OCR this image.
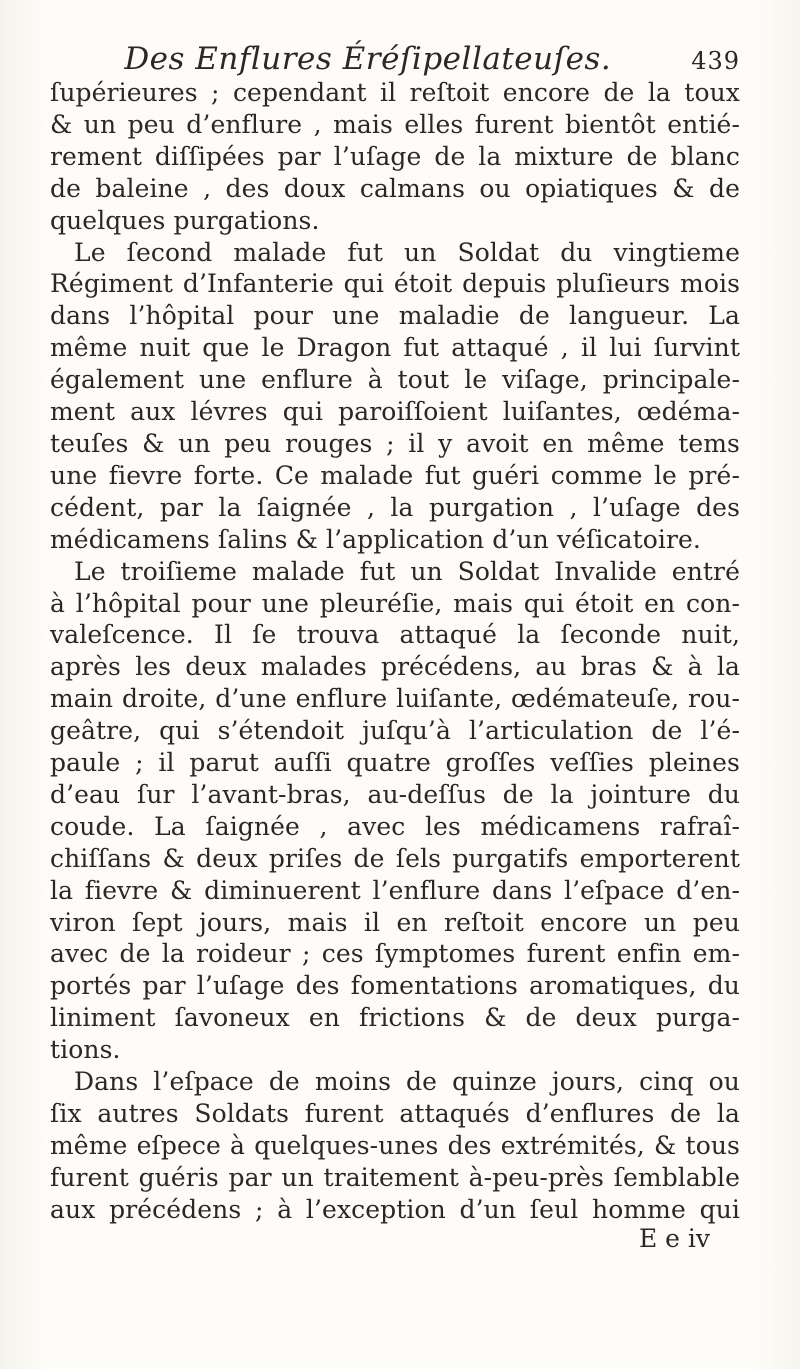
Des Enflures Éréſipellateuſes.	439
ſupérieures ; cependant il reſtoit encore de la toux
& un peu d’enflure , mais elles furent bientôt entié-
rement diſſipées par l’uſage de la mixture de blanc
de baleine , des doux calmans ou opiatiques & de
quelques purgations.
Le ſecond malade fut un Soldat du vingtieme
Régiment d’Infanterie qui étoit depuis pluſieurs mois
dans l’hôpital pour une maladie de langueur. La
même nuit que le Dragon fut attaqué , il lui ſurvint
également une enflure à tout le viſage, principale-
ment aux lévres qui paroiſſoient luiſantes, œdéma-
teuſes & un peu rouges ; il y avoit en même tems
une fievre forte. Ce malade fut guéri comme le pré-
cédent, par la ſaignée , la purgation , l’uſage des
médicamens ſalins & l’application d’un véſicatoire.
Le troiſieme malade fut un Soldat Invalide entré
à l’hôpital pour une pleuréſie, mais qui étoit en con-
valeſcence. Il ſe trouva attaqué la ſeconde nuit,
après les deux malades précédens, au bras & à la
main droite, d’une enflure luiſante, œdémateuſe, rou-
geâtre, qui s’étendoit juſqu’à l’articulation de l’é-
paule ; il parut auſſi quatre groſſes veſſies pleines
d’eau ſur l’avant-bras, au-deſſus de la jointure du
coude. La ſaignée , avec les médicamens rafraî-
chiſſans & deux priſes de ſels purgatifs emporterent
la fievre & diminuerent l’enflure dans l’eſpace d’en-
viron ſept jours, mais il en reſtoit encore un peu
avec de la roideur ; ces ſymptomes furent enfin em-
portés par l’uſage des fomentations aromatiques, du
liniment ſavoneux en frictions & de deux purga-
tions.
Dans l’eſpace de moins de quinze jours, cinq ou
ſix autres Soldats furent attaqués d’enflures de la
même eſpece à quelques-unes des extrémités, & tous
furent guéris par un traitement à-peu-près ſemblable
aux précédens ; à l’exception d’un ſeul homme qui
E e iv
